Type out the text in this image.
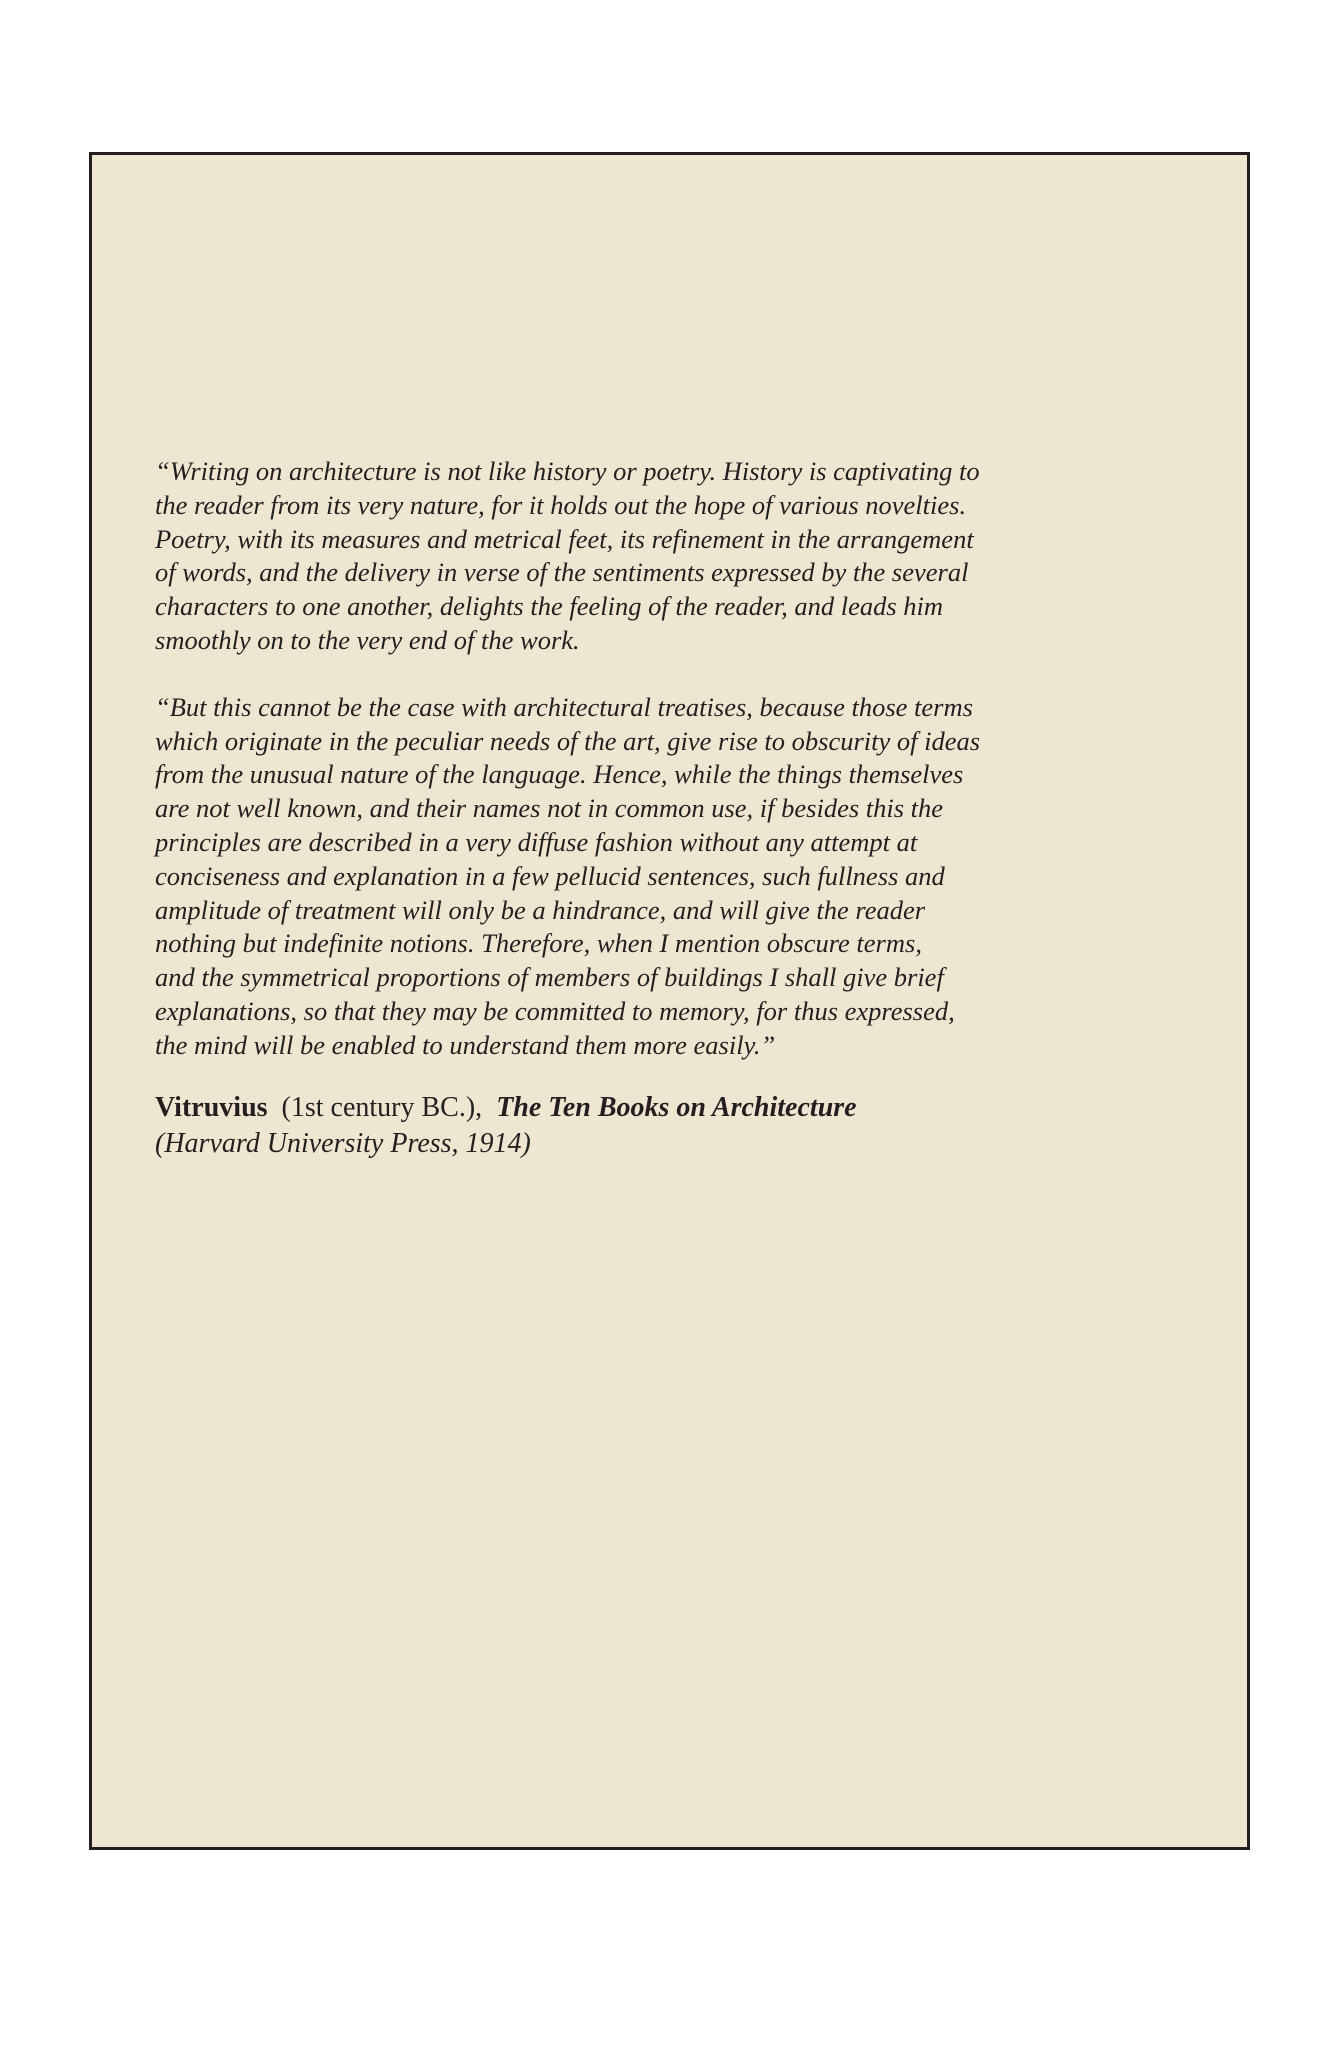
“Writing on architecture is not like history or poetry. History is captivating to
the reader from its very nature, for it holds out the hope of various novelties.
Poetry, with its measures and metrical feet, its refinement in the arrangement
of words, and the delivery in verse of the sentiments expressed by the several
characters to one another, delights the feeling of the reader, and leads him
smoothly on to the very end of the work.

“But this cannot be the case with architectural treatises, because those terms
which originate in the peculiar needs of the art, give rise to obscurity of ideas
from the unusual nature of the language. Hence, while the things themselves
are not well known, and their names not in common use, if besides this the
principles are described in a very diffuse fashion without any attempt at
conciseness and explanation in a few pellucid sentences, such fullness and
amplitude of treatment will only be a hindrance, and will give the reader
nothing but indefinite notions. Therefore, when I mention obscure terms,
and the symmetrical proportions of members of buildings I shall give brief
explanations, so that they may be committed to memory, for thus expressed,
the mind will be enabled to understand them more easily.”

Vitruvius (1st century BC.), The Ten Books on Architecture
(Harvard University Press, 1914)
